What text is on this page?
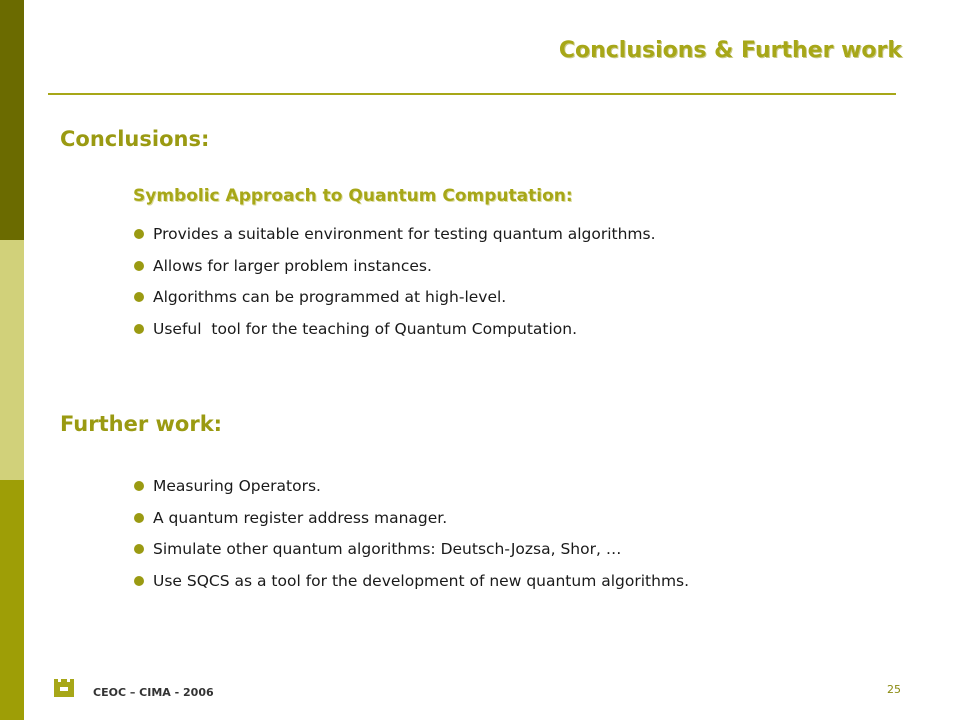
Conclusions & Further work
Conclusions:
Symbolic Approach to Quantum Computation:
Provides a suitable environment for testing quantum algorithms.
Allows for larger problem instances.
Algorithms can be programmed at high-level.
Useful  tool for the teaching of Quantum Computation.
Further work:
Measuring Operators.
A quantum register address manager.
Simulate other quantum algorithms: Deutsch-Jozsa, Shor, …
Use SQCS as a tool for the development of new quantum algorithms.
CEOC – CIMA - 2006	25
